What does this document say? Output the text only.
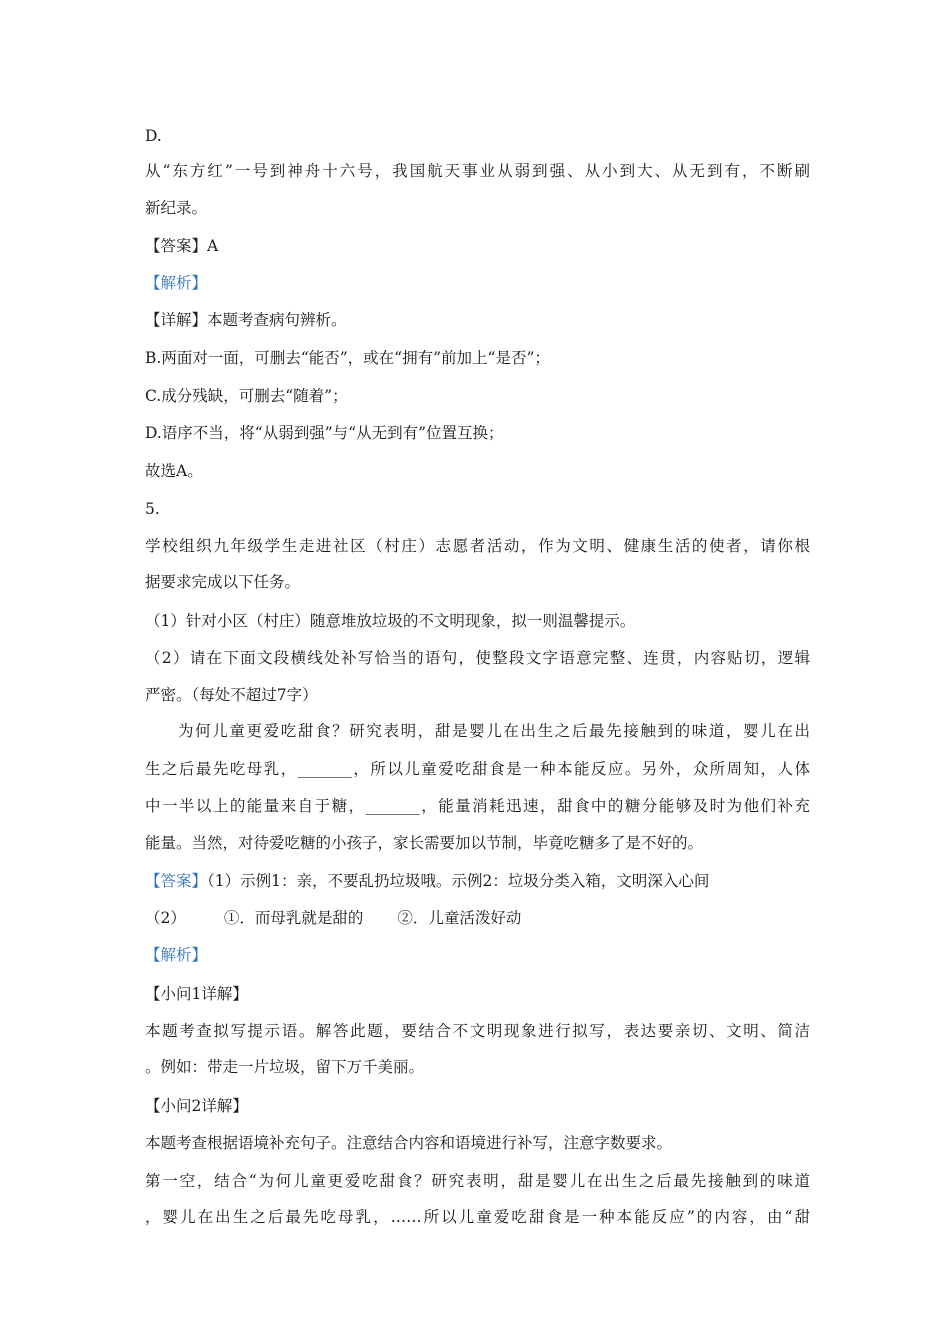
D.
从“东方红”一号到神舟十六号，我国航天事业从弱到强、从小到大、从无到有，不断刷
新纪录。
【答案】A
【解析】
【详解】本题考查病句辨析。
B.两面对一面，可删去“能否”，或在“拥有”前加上“是否”；
C.成分残缺，可删去“随着”；
D.语序不当，将“从弱到强”与“从无到有”位置互换；
故选A。
5.
学校组织九年级学生走进社区（村庄）志愿者活动，作为文明、健康生活的使者，请你根
据要求完成以下任务。
（1）针对小区（村庄）随意堆放垃圾的不文明现象，拟一则温馨提示。
（2）请在下面文段横线处补写恰当的语句，使整段文字语意完整、连贯，内容贴切，逻辑
严密。（每处不超过7字）
为何儿童更爱吃甜食？研究表明，甜是婴儿在出生之后最先接触到的味道，婴儿在出
生之后最先吃母乳，_______，所以儿童爱吃甜食是一种本能反应。另外，众所周知，人体
中一半以上的能量来自于糖，_______，能量消耗迅速，甜食中的糖分能够及时为他们补充
能量。当然，对待爱吃糖的小孩子，家长需要加以节制，毕竟吃糖多了是不好的。
【答案】（1）示例1：亲，不要乱扔垃圾哦。示例2：垃圾分类入箱，文明深入心间
（2） ①．而母乳就是甜的 ②．儿童活泼好动
【解析】
【小问1详解】
本题考查拟写提示语。解答此题，要结合不文明现象进行拟写，表达要亲切、文明、简洁
。例如：带走一片垃圾，留下万千美丽。
【小问2详解】
本题考查根据语境补充句子。注意结合内容和语境进行补写，注意字数要求。
第一空，结合“为何儿童更爱吃甜食？研究表明，甜是婴儿在出生之后最先接触到的味道
，婴儿在出生之后最先吃母乳，……所以儿童爱吃甜食是一种本能反应”的内容，由“甜
